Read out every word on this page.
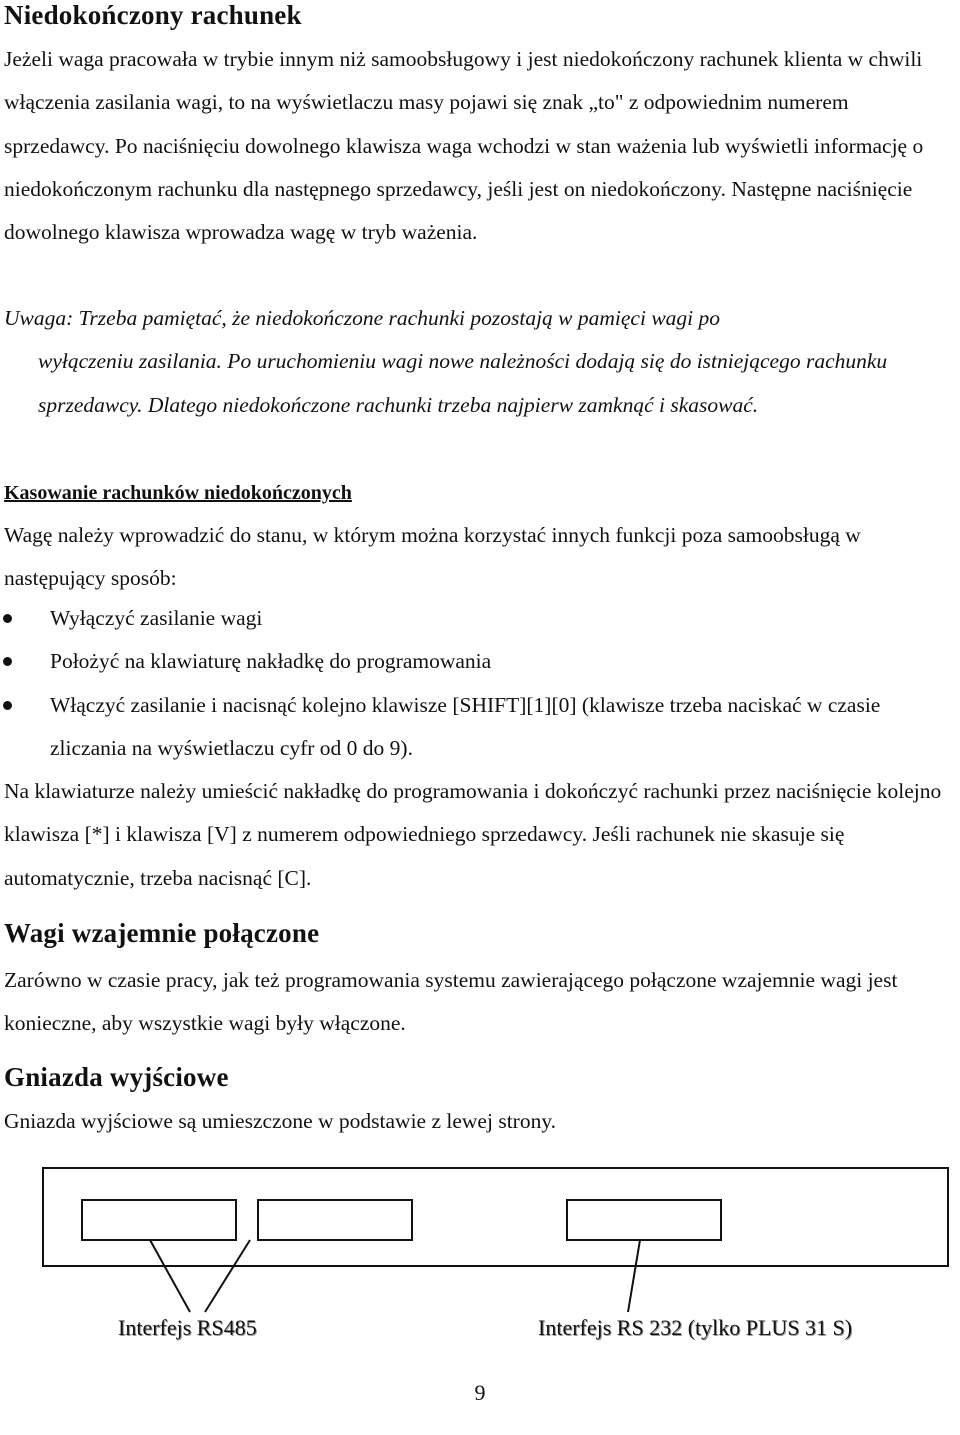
Niedokończony rachunek

Jeżeli waga pracowała w trybie innym niż samoobsługowy i jest niedokończony rachunek klienta w chwili włączenia zasilania wagi, to na wyświetlaczu masy pojawi się znak „to" z odpowiednim numerem sprzedawcy. Po naciśnięciu dowolnego klawisza waga wchodzi w stan ważenia lub wyświetli informację o niedokończonym rachunku dla następnego sprzedawcy, jeśli jest on niedokończony. Następne naciśnięcie dowolnego klawisza wprowadza wagę w tryb ważenia.

Uwaga: Trzeba pamiętać, że niedokończone rachunki pozostają w pamięci wagi po
wyłączeniu zasilania. Po uruchomieniu wagi nowe należności dodają się do istniejącego rachunku sprzedawcy. Dlatego niedokończone rachunki trzeba najpierw zamknąć i skasować.

Kasowanie rachunków niedokończonych

Wagę należy wprowadzić do stanu, w którym można korzystać innych funkcji poza samoobsługą w następujący sposób:

Wyłączyć zasilanie wagi
Położyć na klawiaturę nakładkę do programowania
Włączyć zasilanie i nacisnąć kolejno klawisze [SHIFT][1][0] (klawisze trzeba naciskać w czasie zliczania na wyświetlaczu cyfr od 0 do 9).

Na klawiaturze należy umieścić nakładkę do programowania i dokończyć rachunki przez naciśnięcie kolejno klawisza [*] i klawisza [V] z numerem odpowiedniego sprzedawcy. Jeśli rachunek nie skasuje się automatycznie, trzeba nacisnąć [C].

Wagi wzajemnie połączone

Zarówno w czasie pracy, jak też programowania systemu zawierającego połączone wzajemnie wagi jest konieczne, aby wszystkie wagi były włączone.

Gniazda wyjściowe

Gniazda wyjściowe są umieszczone w podstawie z lewej strony.

Interfejs RS485	Interfejs RS 232 (tylko PLUS 31 S)
9
